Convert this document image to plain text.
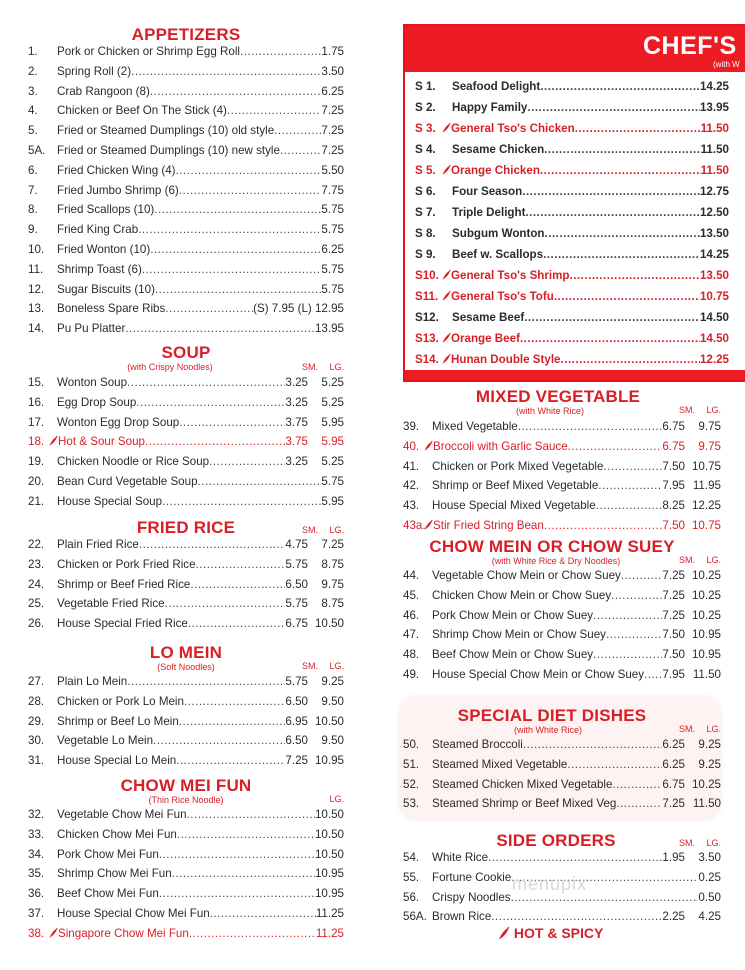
APPETIZERS
1.	Pork or Chicken or Shrimp Egg Roll .....	1.75
2.	Spring Roll (2) .....	3.50
3.	Crab Rangoon (8) .....	6.25
4.	Chicken or Beef On The Stick (4) .....	7.25
5.	Fried or Steamed Dumplings (10) old style .....	7.25
5A. Fried or Steamed Dumplings (10) new style .....	7.25
6.	Fried Chicken Wing (4) .....	5.50
7.	Fried Jumbo Shrimp (6) .....	7.75
8.	Fried Scallops (10) .....	5.75
9.	Fried King Crab .....	5.75
10.	Fried Wonton (10) .....	6.25
11.	Shrimp Toast (6) .....	5.75
12.	Sugar Biscuits (10) .....	5.75
13.	Boneless Spare Ribs .....	(S) 7.95 (L) 12.95
14.	Pu Pu Platter .....	13.95
SOUP
(with Crispy Noodles)	SM. LG.
15.	Wonton Soup .....	3.25 5.25
16.	Egg Drop Soup .....	3.25 5.25
17.	Wonton Egg Drop Soup .....	3.75 5.95
18.	Hot & Sour Soup .....	3.75 5.95
19.	Chicken Noodle or Rice Soup .....	3.25 5.25
20.	Bean Curd Vegetable Soup .....	5.75
21.	House Special Soup .....	5.95
FRIED RICE	SM. LG.
22.	Plain Fried Rice .....	4.75 7.25
23.	Chicken or Pork Fried Rice .....	5.75 8.75
24.	Shrimp or Beef Fried Rice .....	6.50 9.75
25.	Vegetable Fried Rice .....	5.75 8.75
26.	House Special Fried Rice .....	6.75 10.50
LO MEIN
(Soft Noodles)	SM. LG.
27.	Plain Lo Mein .....	5.75 9.25
28.	Chicken or Pork Lo Mein .....	6.50 9.50
29.	Shrimp or Beef Lo Mein .....	6.95 10.50
30.	Vegetable Lo Mein .....	6.50 9.50
31.	House Special Lo Mein .....	7.25 10.95
CHOW MEI FUN
(Thin Rice Noodle)	LG.
32.	Vegetable Chow Mei Fun .....	10.50
33.	Chicken Chow Mei Fun .....	10.50
34.	Pork Chow Mei Fun .....	10.50
35.	Shrimp Chow Mei Fun .....	10.95
36.	Beef Chow Mei Fun .....	10.95
37.	House Special Chow Mei Fun .....	11.25
38.	Singapore Chow Mei Fun .....	11.25
CHEF'S
(with W
S 1.	Seafood Delight .....	14.25
S 2.	Happy Family .....	13.95
S 3.	General Tso's Chicken .....	11.50
S 4.	Sesame Chicken .....	11.50
S 5.	Orange Chicken .....	11.50
S 6.	Four Season .....	12.75
S 7.	Triple Delight .....	12.50
S 8.	Subgum Wonton .....	13.50
S 9.	Beef w. Scallops .....	14.25
S10.	General Tso's Shrimp .....	13.50
S11.	General Tso's Tofu .....	10.75
S12.	Sesame Beef .....	14.50
S13.	Orange Beef .....	14.50
S14.	Hunan Double Style .....	12.25
MIXED VEGETABLE
(with White Rice)	SM. LG.
39.	Mixed Vegetable .....	6.75 9.75
40.	Broccoli with Garlic Sauce .....	6.75 9.75
41.	Chicken or Pork Mixed Vegetable .....	7.50 10.75
42.	Shrimp or Beef Mixed Vegetable .....	7.95 11.95
43.	House Special Mixed Vegetable .....	8.25 12.25
43a. Stir Fried String Bean .....	7.50 10.75
CHOW MEIN OR CHOW SUEY
(with White Rice & Dry Noodles)	SM. LG.
44.	Vegetable Chow Mein or Chow Suey .....	7.25 10.25
45.	Chicken Chow Mein or Chow Suey .....	7.25 10.25
46.	Pork Chow Mein or Chow Suey .....	7.25 10.25
47.	Shrimp Chow Mein or Chow Suey .....	7.50 10.95
48.	Beef Chow Mein or Chow Suey .....	7.50 10.95
49.	House Special Chow Mein or Chow Suey ..... 7.95 11.50
SPECIAL DIET DISHES
(with White Rice)	SM. LG.
50.	Steamed Broccoli .....	6.25 9.25
51.	Steamed Mixed Vegetable .....	6.25 9.25
52.	Steamed Chicken Mixed Vegetable .....	6.75 10.25
53.	Steamed Shrimp or Beef Mixed Veg .....	7.25 11.50
SIDE ORDERS	SM. LG.
54.	White Rice .....	1.95 3.50
55.	Fortune Cookie .....	0.25
56.	Crispy Noodles .....	0.50
56A. Brown Rice .....	2.25 4.25
HOT & SPICY
menupix
